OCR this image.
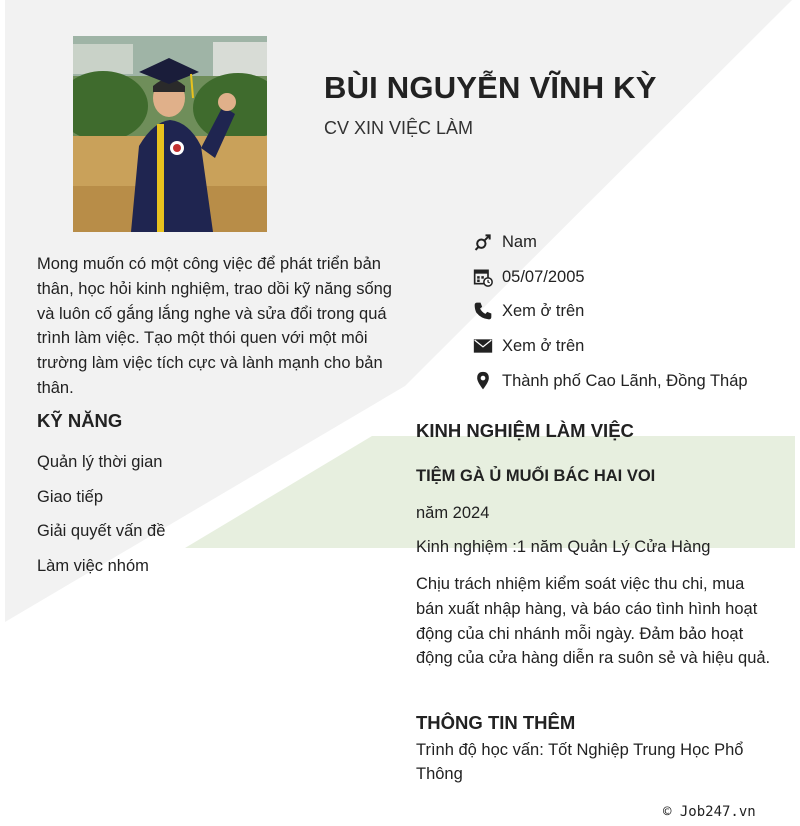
BÙI NGUYỄN VĨNH KỲ
CV XIN VIỆC LÀM
Nam
05/07/2005
Xem ở trên
Xem ở trên
Thành phố Cao Lãnh, Đồng Tháp
Mong muốn có một công việc để phát triển bản thân, học hỏi kinh nghiệm, trao dồi kỹ năng sống và luôn cố gắng lắng nghe và sửa đổi trong quá trình làm việc. Tạo một thói quen với một môi trường làm việc tích cực và lành mạnh cho bản thân.
KỸ NĂNG
Quản lý thời gian
Giao tiếp
Giải quyết vấn đề
Làm việc nhóm
KINH NGHIỆM LÀM VIỆC
TIỆM GÀ Ủ MUỐI BÁC HAI VOI
năm 2024
Kinh nghiệm :1 năm Quản Lý Cửa Hàng
Chịu trách nhiệm kiểm soát việc thu chi, mua bán xuất nhập hàng, và báo cáo tình hình hoạt động của chi nhánh mỗi ngày. Đảm bảo hoạt động của cửa hàng diễn ra suôn sẻ và hiệu quả.
THÔNG TIN THÊM
Trình độ học vấn: Tốt Nghiệp Trung Học Phổ Thông
© Job247.vn
